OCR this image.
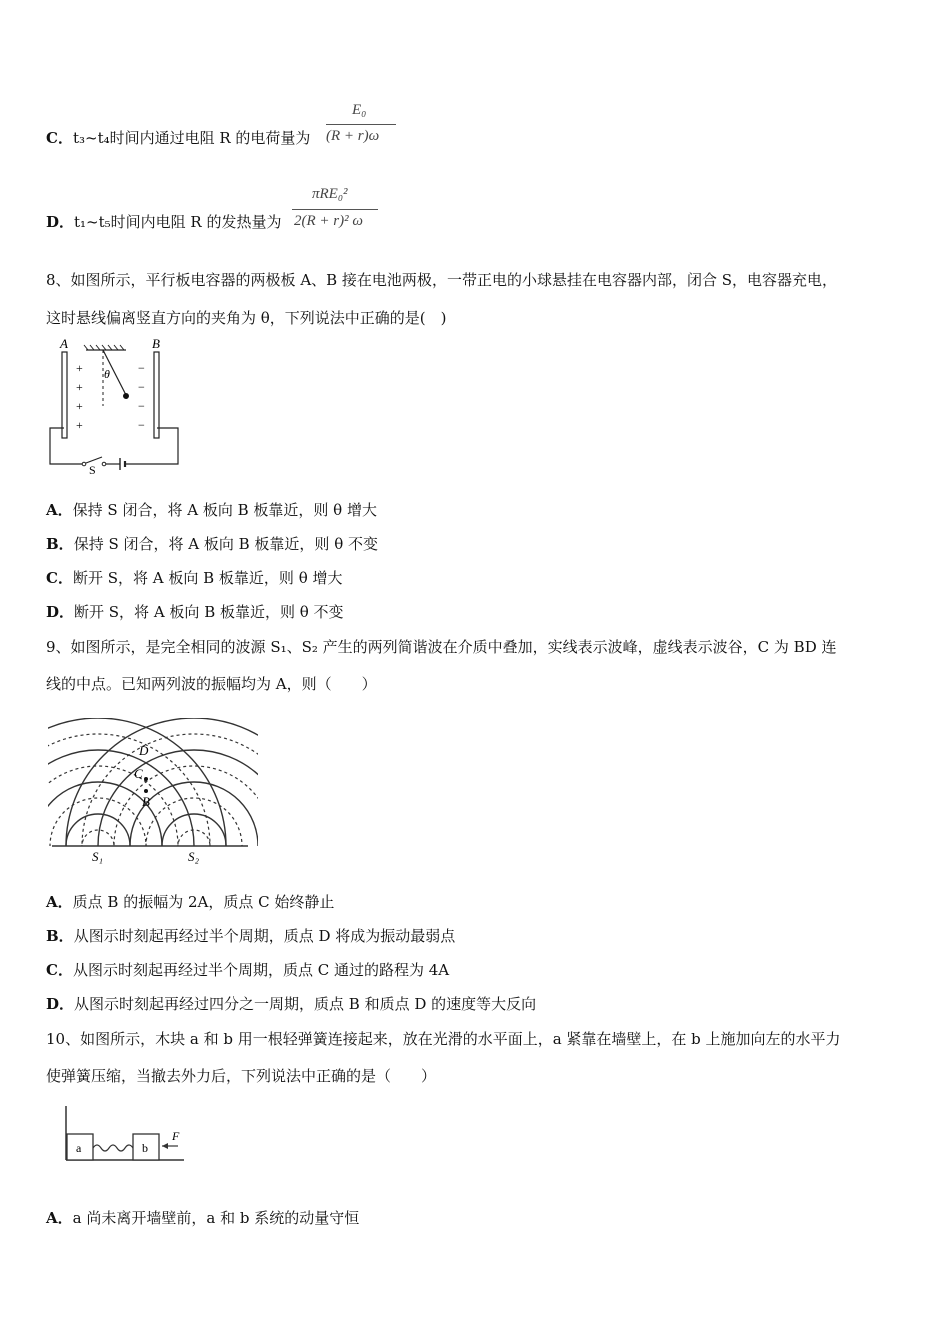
C．t₃~t₄时间内通过电阻 R 的电荷量为
E₀
(R + r)ω
D．t₁~t₅时间内电阻 R 的发热量为
πRE₀²
2(R + r)² ω
8、如图所示，平行板电容器的两极板 A、B 接在电池两极，一带正电的小球悬挂在电容器内部，闭合 S，电容器充电，
这时悬线偏离竖直方向的夹角为 θ，下列说法中正确的是(　)
A	B
θ
+
+
+
+
−
−
−
−
S
A．保持 S 闭合，将 A 板向 B 板靠近，则 θ 增大
B．保持 S 闭合，将 A 板向 B 板靠近，则 θ 不变
C．断开 S，将 A 板向 B 板靠近，则 θ 增大
D．断开 S，将 A 板向 B 板靠近，则 θ 不变
9、如图所示，是完全相同的波源 S₁、S₂ 产生的两列简谐波在介质中叠加，实线表示波峰，虚线表示波谷，C 为 BD 连
线的中点。已知两列波的振幅均为 A，则（　　）
D
C
B
S₁	S₂
A．质点 B 的振幅为 2A，质点 C 始终静止
B．从图示时刻起再经过半个周期，质点 D 将成为振动最弱点
C．从图示时刻起再经过半个周期，质点 C 通过的路程为 4A
D．从图示时刻起再经过四分之一周期，质点 B 和质点 D 的速度等大反向
10、如图所示，木块 a 和 b 用一根轻弹簧连接起来，放在光滑的水平面上，a 紧靠在墙壁上，在 b 上施加向左的水平力
使弹簧压缩，当撤去外力后，下列说法中正确的是（　　）
a	b
F
A．a 尚未离开墙壁前，a 和 b 系统的动量守恒
